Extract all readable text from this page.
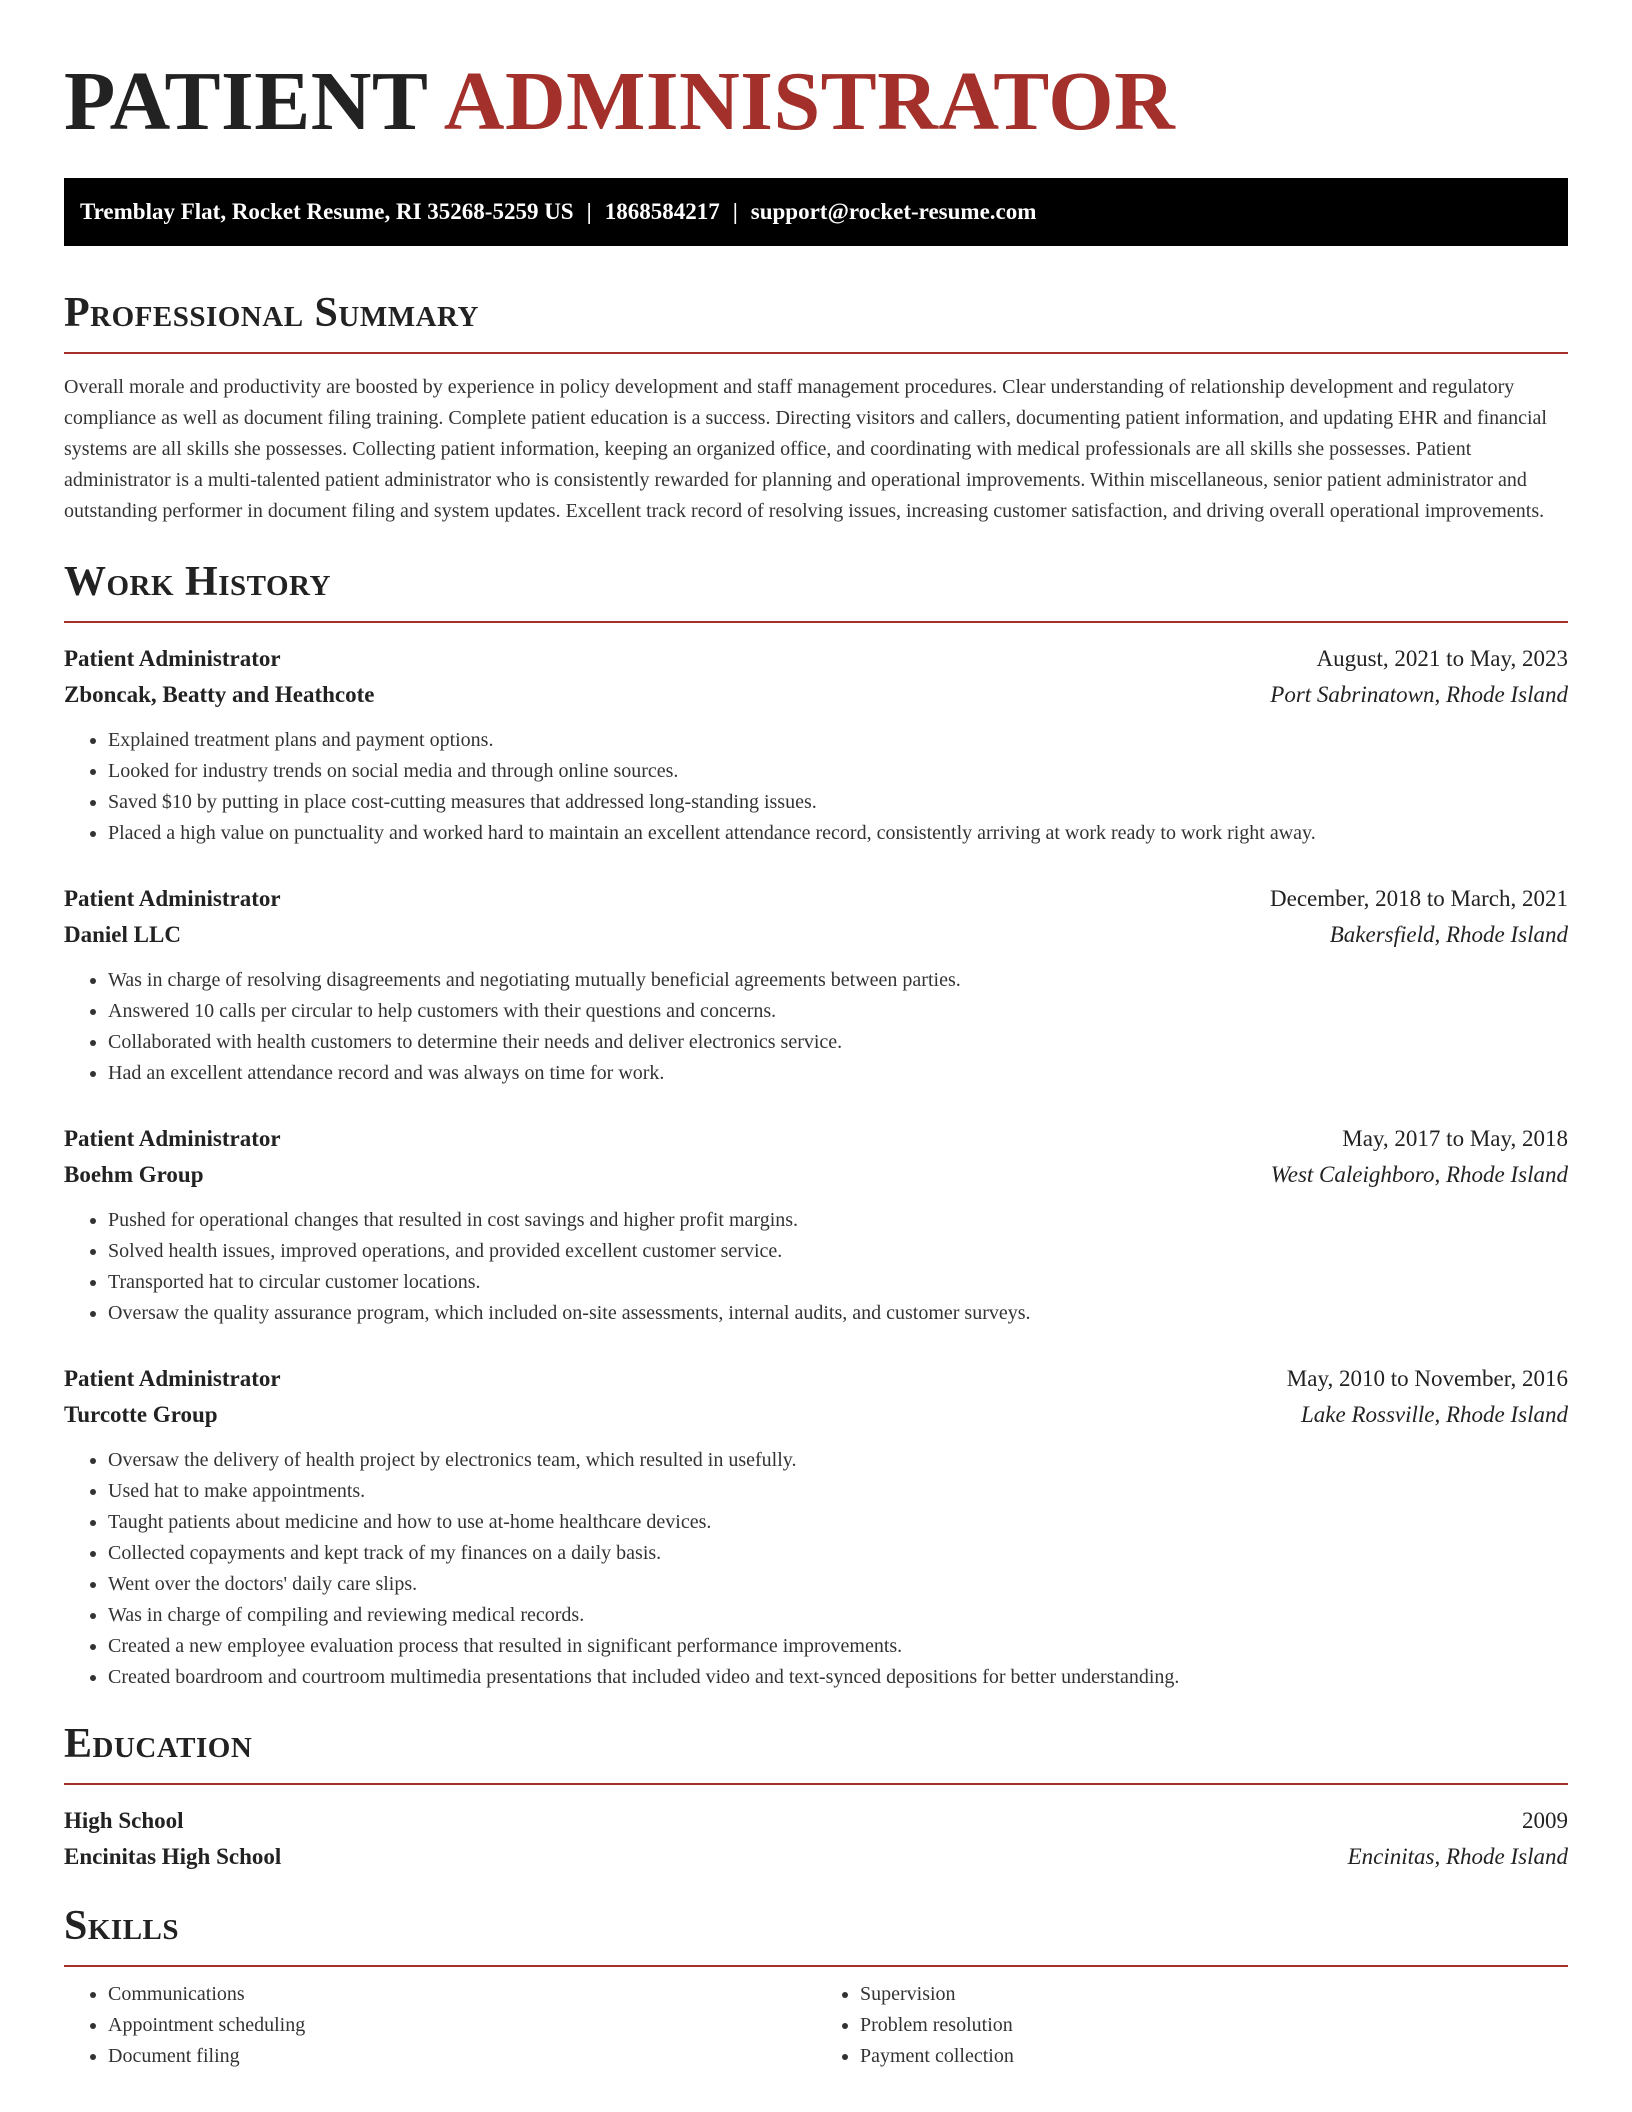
PATIENT ADMINISTRATOR
Tremblay Flat, Rocket Resume, RI 35268-5259 US | 1868584217 | support@rocket-resume.com
Professional Summary

Overall morale and productivity are boosted by experience in policy development and staff management procedures. Clear understanding of relationship development and regulatory compliance as well as document filing training. Complete patient education is a success. Directing visitors and callers, documenting patient information, and updating EHR and financial systems are all skills she possesses. Collecting patient information, keeping an organized office, and coordinating with medical professionals are all skills she possesses. Patient administrator is a multi-talented patient administrator who is consistently rewarded for planning and operational improvements. Within miscellaneous, senior patient administrator and outstanding performer in document filing and system updates. Excellent track record of resolving issues, increasing customer satisfaction, and driving overall operational improvements.

Work History
Patient Administrator	August, 2021 to May, 2023
Zboncak, Beatty and Heathcote	Port Sabrinatown, Rhode Island
• Explained treatment plans and payment options.
• Looked for industry trends on social media and through online sources.
• Saved $10 by putting in place cost-cutting measures that addressed long-standing issues.
• Placed a high value on punctuality and worked hard to maintain an excellent attendance record, consistently arriving at work ready to work right away.
Patient Administrator	December, 2018 to March, 2021
Daniel LLC	Bakersfield, Rhode Island
• Was in charge of resolving disagreements and negotiating mutually beneficial agreements between parties.
• Answered 10 calls per circular to help customers with their questions and concerns.
• Collaborated with health customers to determine their needs and deliver electronics service.
• Had an excellent attendance record and was always on time for work.
Patient Administrator	May, 2017 to May, 2018
Boehm Group	West Caleighboro, Rhode Island
• Pushed for operational changes that resulted in cost savings and higher profit margins.
• Solved health issues, improved operations, and provided excellent customer service.
• Transported hat to circular customer locations.
• Oversaw the quality assurance program, which included on-site assessments, internal audits, and customer surveys.
Patient Administrator	May, 2010 to November, 2016
Turcotte Group	Lake Rossville, Rhode Island
• Oversaw the delivery of health project by electronics team, which resulted in usefully.
• Used hat to make appointments.
• Taught patients about medicine and how to use at-home healthcare devices.
• Collected copayments and kept track of my finances on a daily basis.
• Went over the doctors' daily care slips.
• Was in charge of compiling and reviewing medical records.
• Created a new employee evaluation process that resulted in significant performance improvements.
• Created boardroom and courtroom multimedia presentations that included video and text-synced depositions for better understanding.
Education
High School	2009
Encinitas High School	Encinitas, Rhode Island
Skills
• Communications
• Appointment scheduling
• Document filing
• Supervision
• Problem resolution
• Payment collection
